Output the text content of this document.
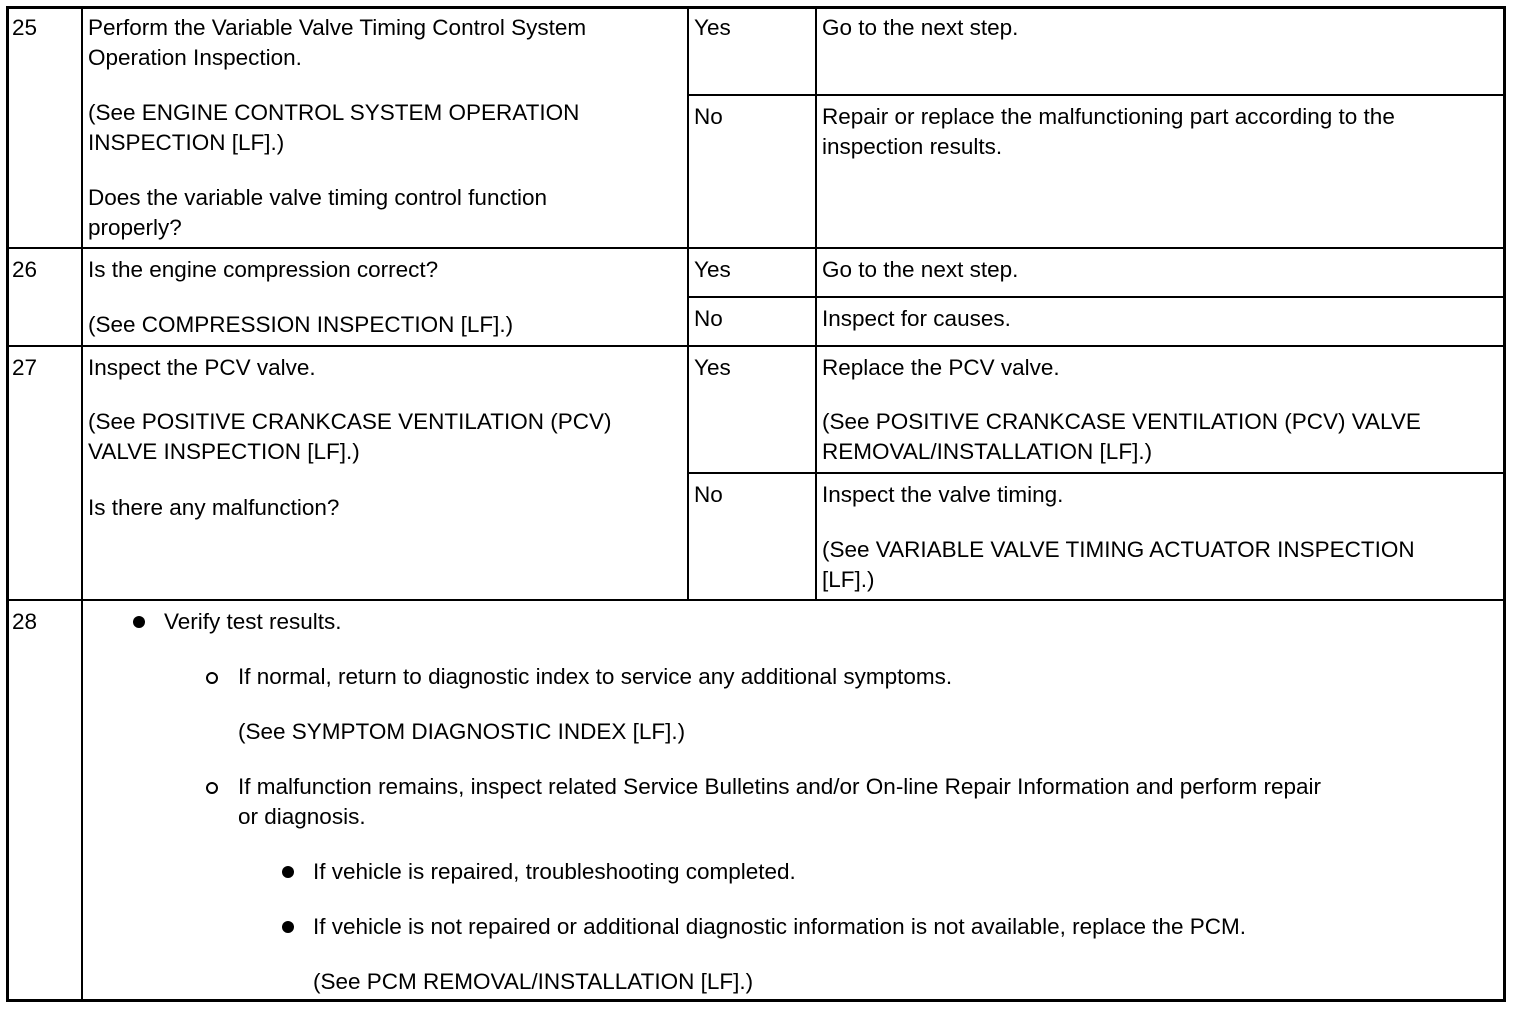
25 Perform the Variable Valve Timing Control System

Operation Inspection.

(See ENGINE CONTROL SYSTEM OPERATION

INSPECTION [LF].)

Does the variable valve timing control function

properly?

Yes	Go to the next step.

No	Repair or replace the malfunctioning part according to the

inspection results.

26 Is the engine compression correct?

(See COMPRESSION INSPECTION [LF].)

Yes	Go to the next step.

No	Inspect for causes.

27 Inspect the PCV valve.

(See POSITIVE CRANKCASE VENTILATION (PCV)

VALVE INSPECTION [LF].)

Is there any malfunction?

Yes	Replace the PCV valve.

(See POSITIVE CRANKCASE VENTILATION (PCV) VALVE

REMOVAL/INSTALLATION [LF].)

No	Inspect the valve timing.

(See VARIABLE VALVE TIMING ACTUATOR INSPECTION

[LF].)

28	Verify test results.

If normal, return to diagnostic index to service any additional symptoms.

(See SYMPTOM DIAGNOSTIC INDEX [LF].)

If malfunction remains, inspect related Service Bulletins and/or On-line Repair Information and perform repair

or diagnosis.

If vehicle is repaired, troubleshooting completed.

If vehicle is not repaired or additional diagnostic information is not available, replace the PCM.

(See PCM REMOVAL/INSTALLATION [LF].)
